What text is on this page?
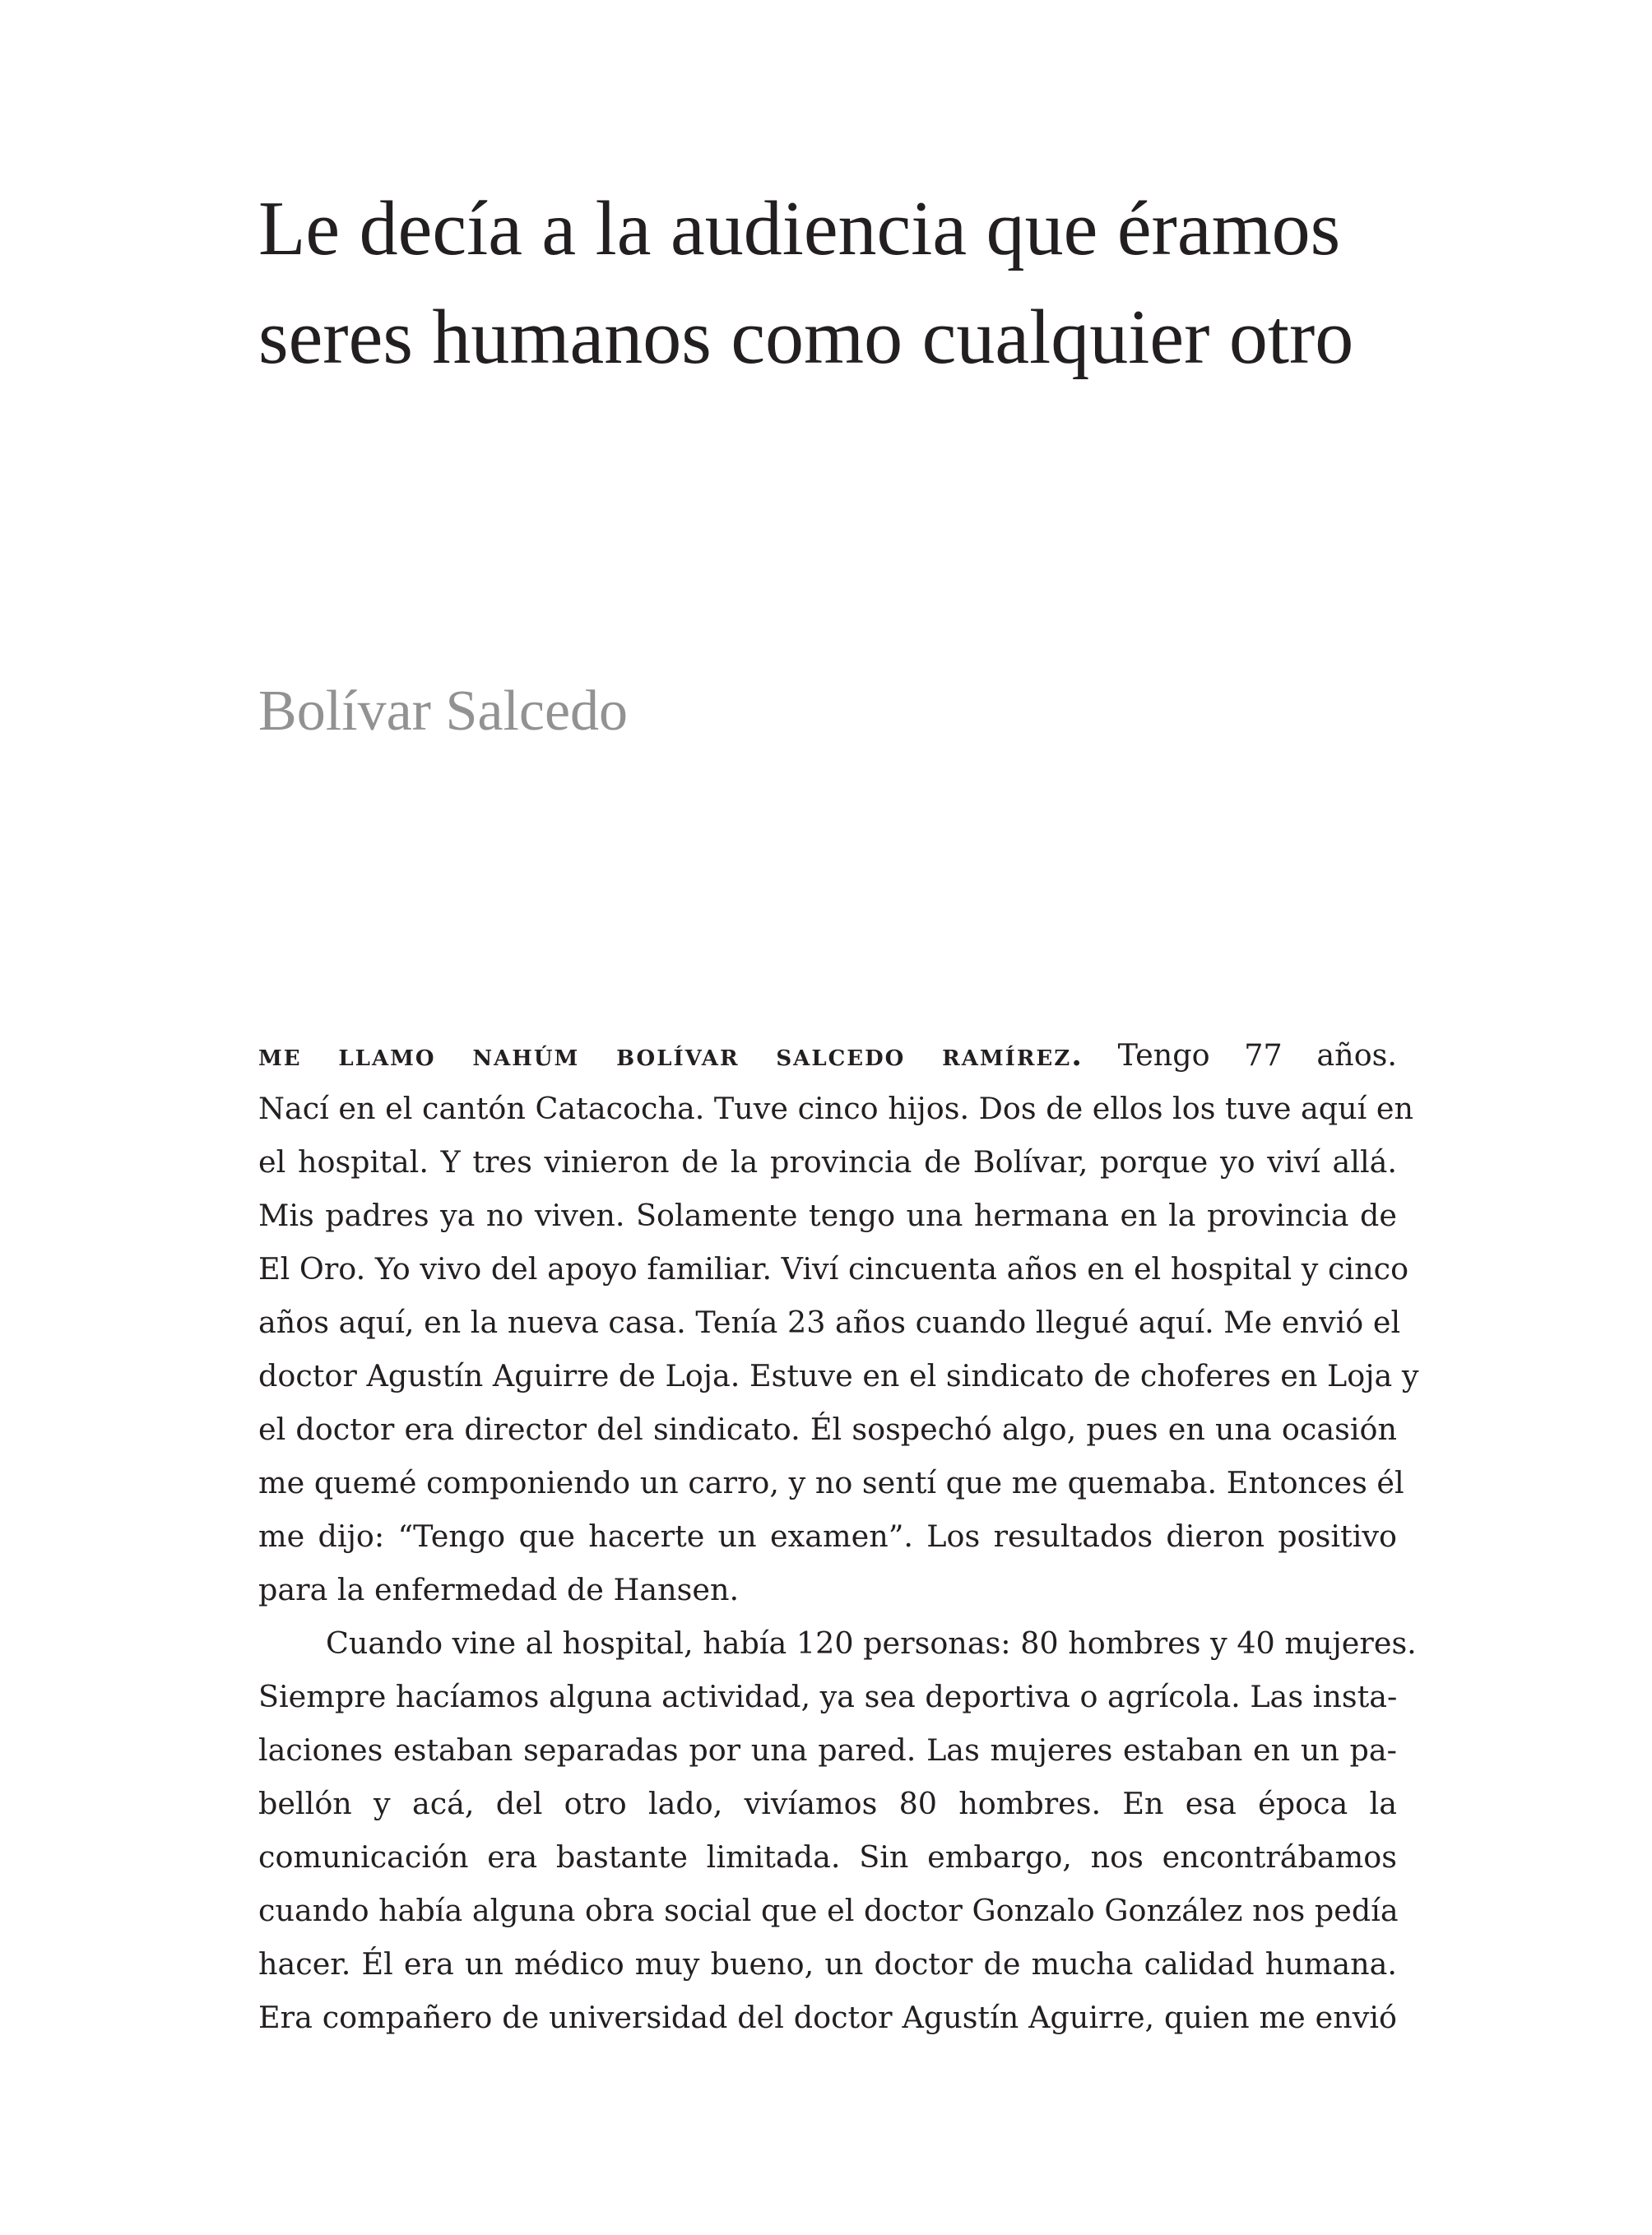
Le decía a la audiencia que éramos
seres humanos como cualquier otro
Bolívar Salcedo
me llamo nahúm bolívar salcedo ramírez. Tengo 77 años.
Nací en el cantón Catacocha. Tuve cinco hijos. Dos de ellos los tuve aquí en
el hospital. Y tres vinieron de la provincia de Bolívar, porque yo viví allá.
Mis padres ya no viven. Solamente tengo una hermana en la provincia de
El Oro. Yo vivo del apoyo familiar. Viví cincuenta años en el hospital y cinco
años aquí, en la nueva casa. Tenía 23 años cuando llegué aquí. Me envió el
doctor Agustín Aguirre de Loja. Estuve en el sindicato de choferes en Loja y
el doctor era director del sindicato. Él sospechó algo, pues en una ocasión
me quemé componiendo un carro, y no sentí que me quemaba. Entonces él
me dijo: “Tengo que hacerte un examen”. Los resultados dieron positivo
para la enfermedad de Hansen.
Cuando vine al hospital, había 120 personas: 80 hombres y 40 mujeres.
Siempre hacíamos alguna actividad, ya sea deportiva o agrícola. Las insta-
laciones estaban separadas por una pared. Las mujeres estaban en un pa-
bellón y acá, del otro lado, vivíamos 80 hombres. En esa época la
comunicación era bastante limitada. Sin embargo, nos encontrábamos
cuando había alguna obra social que el doctor Gonzalo González nos pedía
hacer. Él era un médico muy bueno, un doctor de mucha calidad humana.
Era compañero de universidad del doctor Agustín Aguirre, quien me envió
